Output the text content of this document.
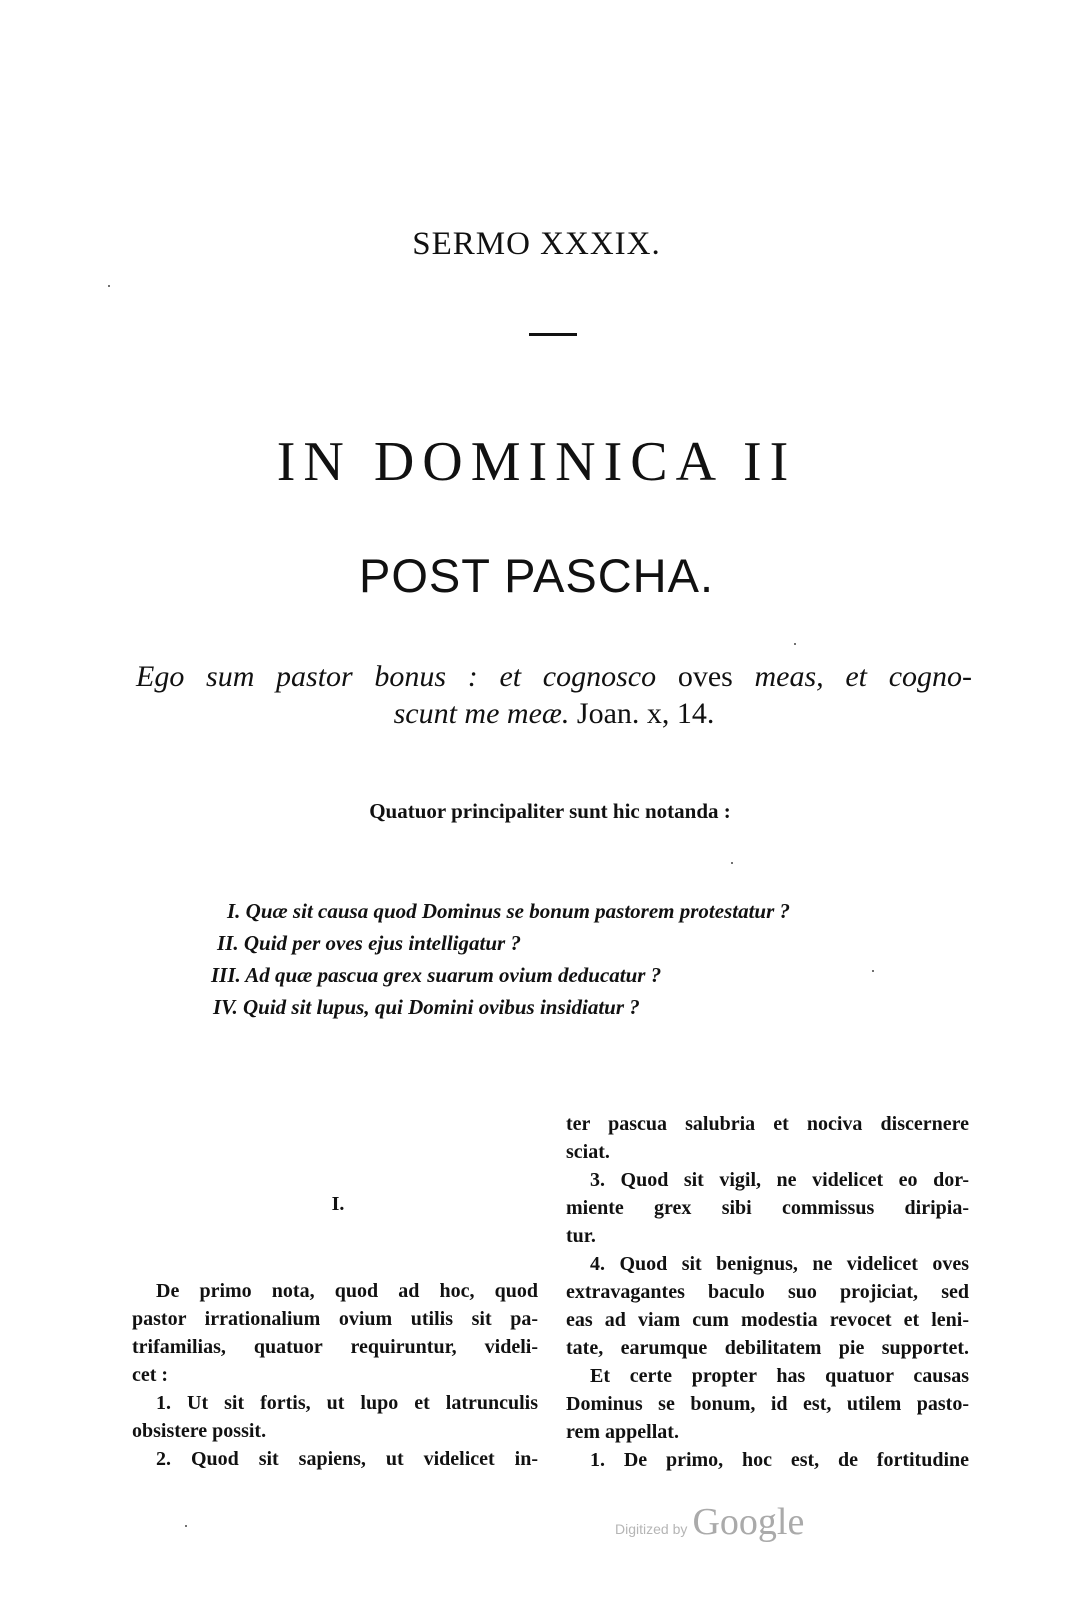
SERMO XXXIX.
IN DOMINICA II
POST PASCHA.
Ego sum pastor bonus : et cognosco oves meas, et cogno-
scunt me meæ. Joan. x, 14.
Quatuor principaliter sunt hic notanda :
I. Quæ sit causa quod Dominus se bonum pastorem protestatur ?
II. Quid per oves ejus intelligatur ?
III. Ad quæ pascua grex suarum ovium deducatur ?
IV. Quid sit lupus, qui Domini ovibus insidiatur ?
I.
De primo nota, quod ad hoc, quod
pastor irrationalium ovium utilis sit pa-
trifamilias, quatuor requiruntur, videli-
cet :
1. Ut sit fortis, ut lupo et latrunculis
obsistere possit.
2. Quod sit sapiens, ut videlicet in-
ter pascua salubria et nociva discernere
sciat.
3. Quod sit vigil, ne videlicet eo dor-
miente grex sibi commissus diripia-
tur.
4. Quod sit benignus, ne videlicet oves
extravagantes baculo suo projiciat, sed
eas ad viam cum modestia revocet et leni-
tate, earumque debilitatem pie supportet.
Et certe propter has quatuor causas
Dominus se bonum, id est, utilem pasto-
rem appellat.
1. De primo, hoc est, de fortitudine
Digitized by Google
